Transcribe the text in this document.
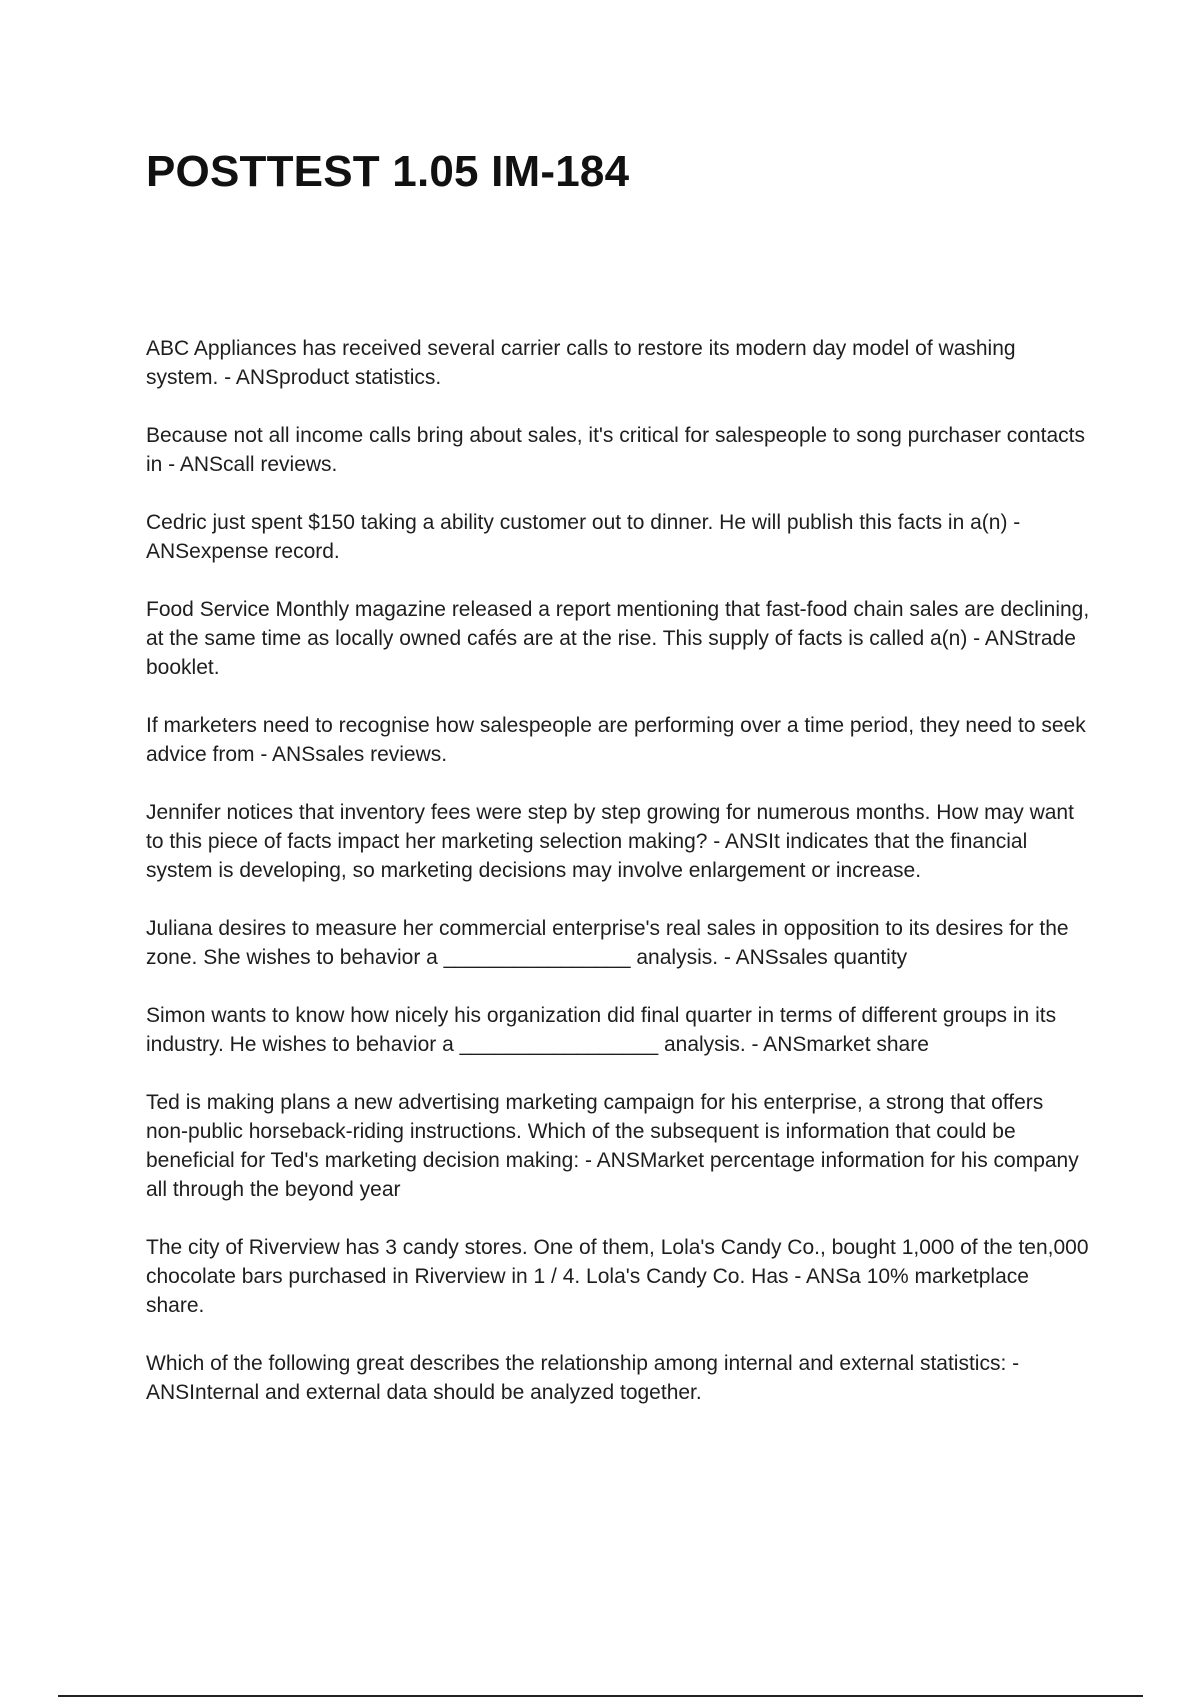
POSTTEST 1.05 IM-184

ABC Appliances has received several carrier calls to restore its modern day model of washing system. - ANSproduct statistics.

Because not all income calls bring about sales, it's critical for salespeople to song purchaser contacts in - ANScall reviews.

Cedric just spent $150 taking a ability customer out to dinner. He will publish this facts in a(n) - ANSexpense record.

Food Service Monthly magazine released a report mentioning that fast-food chain sales are declining, at the same time as locally owned cafés are at the rise. This supply of facts is called a(n) - ANStrade booklet.

If marketers need to recognise how salespeople are performing over a time period, they need to seek advice from - ANSsales reviews.

Jennifer notices that inventory fees were step by step growing for numerous months. How may want to this piece of facts impact her marketing selection making? - ANSIt indicates that the financial system is developing, so marketing decisions may involve enlargement or increase.

Juliana desires to measure her commercial enterprise's real sales in opposition to its desires for the zone. She wishes to behavior a ________________ analysis. - ANSsales quantity

Simon wants to know how nicely his organization did final quarter in terms of different groups in its industry. He wishes to behavior a _________________ analysis. - ANSmarket share

Ted is making plans a new advertising marketing campaign for his enterprise, a strong that offers non-public horseback-riding instructions. Which of the subsequent is information that could be beneficial for Ted's marketing decision making: - ANSMarket percentage information for his company all through the beyond year

The city of Riverview has 3 candy stores. One of them, Lola's Candy Co., bought 1,000 of the ten,000 chocolate bars purchased in Riverview in 1 / 4. Lola's Candy Co. Has - ANSa 10% marketplace share.

Which of the following great describes the relationship among internal and external statistics: - ANSInternal and external data should be analyzed together.
